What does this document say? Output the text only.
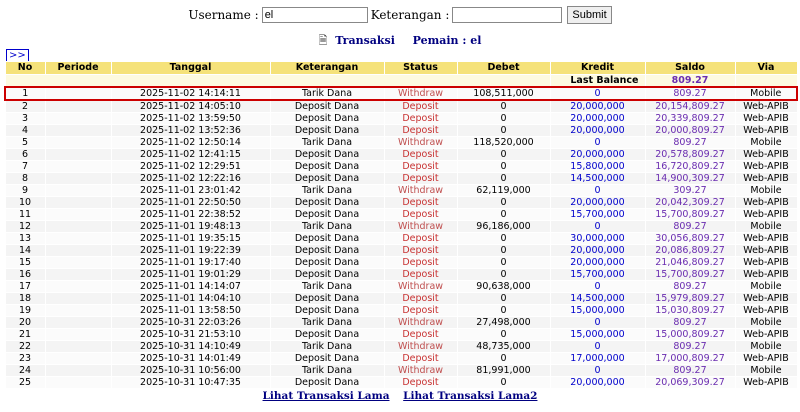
Username :
el	Keterangan :	Submit
🗎 Transaksi Pemain : el
>>
No	Periode	Tanggal	Keterangan	Status	Debet	Kredit	Saldo	Via
						Last Balance	809.27	
1		2025-11-02 14:14:11	Tarik Dana	Withdraw	108,511,000	0	809.27	Mobile
2		2025-11-02 14:05:10	Deposit Dana	Deposit	0	20,000,000	20,154,809.27	Web-APIB
3		2025-11-02 13:59:50	Deposit Dana	Deposit	0	20,000,000	20,339,809.27	Web-APIB
4		2025-11-02 13:52:36	Deposit Dana	Deposit	0	20,000,000	20,000,809.27	Web-APIB
5		2025-11-02 12:50:14	Tarik Dana	Withdraw	118,520,000	0	809.27	Mobile
6		2025-11-02 12:41:15	Deposit Dana	Deposit	0	20,000,000	20,578,809.27	Web-APIB
7		2025-11-02 12:29:51	Deposit Dana	Deposit	0	15,800,000	16,720,809.27	Web-APIB
8		2025-11-02 12:22:16	Deposit Dana	Deposit	0	14,500,000	14,900,309.27	Web-APIB
9		2025-11-01 23:01:42	Tarik Dana	Withdraw	62,119,000	0	309.27	Mobile
10		2025-11-01 22:50:50	Deposit Dana	Deposit	0	20,000,000	20,042,309.27	Web-APIB
11		2025-11-01 22:38:52	Deposit Dana	Deposit	0	15,700,000	15,700,809.27	Web-APIB
12		2025-11-01 19:48:13	Tarik Dana	Withdraw	96,186,000	0	809.27	Mobile
13		2025-11-01 19:35:15	Deposit Dana	Deposit	0	30,000,000	30,056,809.27	Web-APIB
14		2025-11-01 19:22:39	Deposit Dana	Deposit	0	20,000,000	20,086,809.27	Web-APIB
15		2025-11-01 19:17:40	Deposit Dana	Deposit	0	20,000,000	21,046,809.27	Web-APIB
16		2025-11-01 19:01:29	Deposit Dana	Deposit	0	15,700,000	15,700,809.27	Web-APIB
17		2025-11-01 14:14:07	Tarik Dana	Withdraw	90,638,000	0	809.27	Mobile
18		2025-11-01 14:04:10	Deposit Dana	Deposit	0	14,500,000	15,979,809.27	Web-APIB
19		2025-11-01 13:58:50	Deposit Dana	Deposit	0	15,000,000	15,030,809.27	Web-APIB
20		2025-10-31 22:03:26	Tarik Dana	Withdraw	27,498,000	0	809.27	Mobile
21		2025-10-31 21:53:10	Deposit Dana	Deposit	0	15,000,000	15,000,809.27	Web-APIB
22		2025-10-31 14:10:49	Tarik Dana	Withdraw	48,735,000	0	809.27	Mobile
23		2025-10-31 14:01:49	Deposit Dana	Deposit	0	17,000,000	17,000,809.27	Web-APIB
24		2025-10-31 10:56:00	Tarik Dana	Withdraw	81,991,000	0	809.27	Mobile
25		2025-10-31 10:47:35	Deposit Dana	Deposit	0	20,000,000	20,069,309.27	Web-APIB
Lihat Transaksi Lama Lihat Transaksi Lama2
